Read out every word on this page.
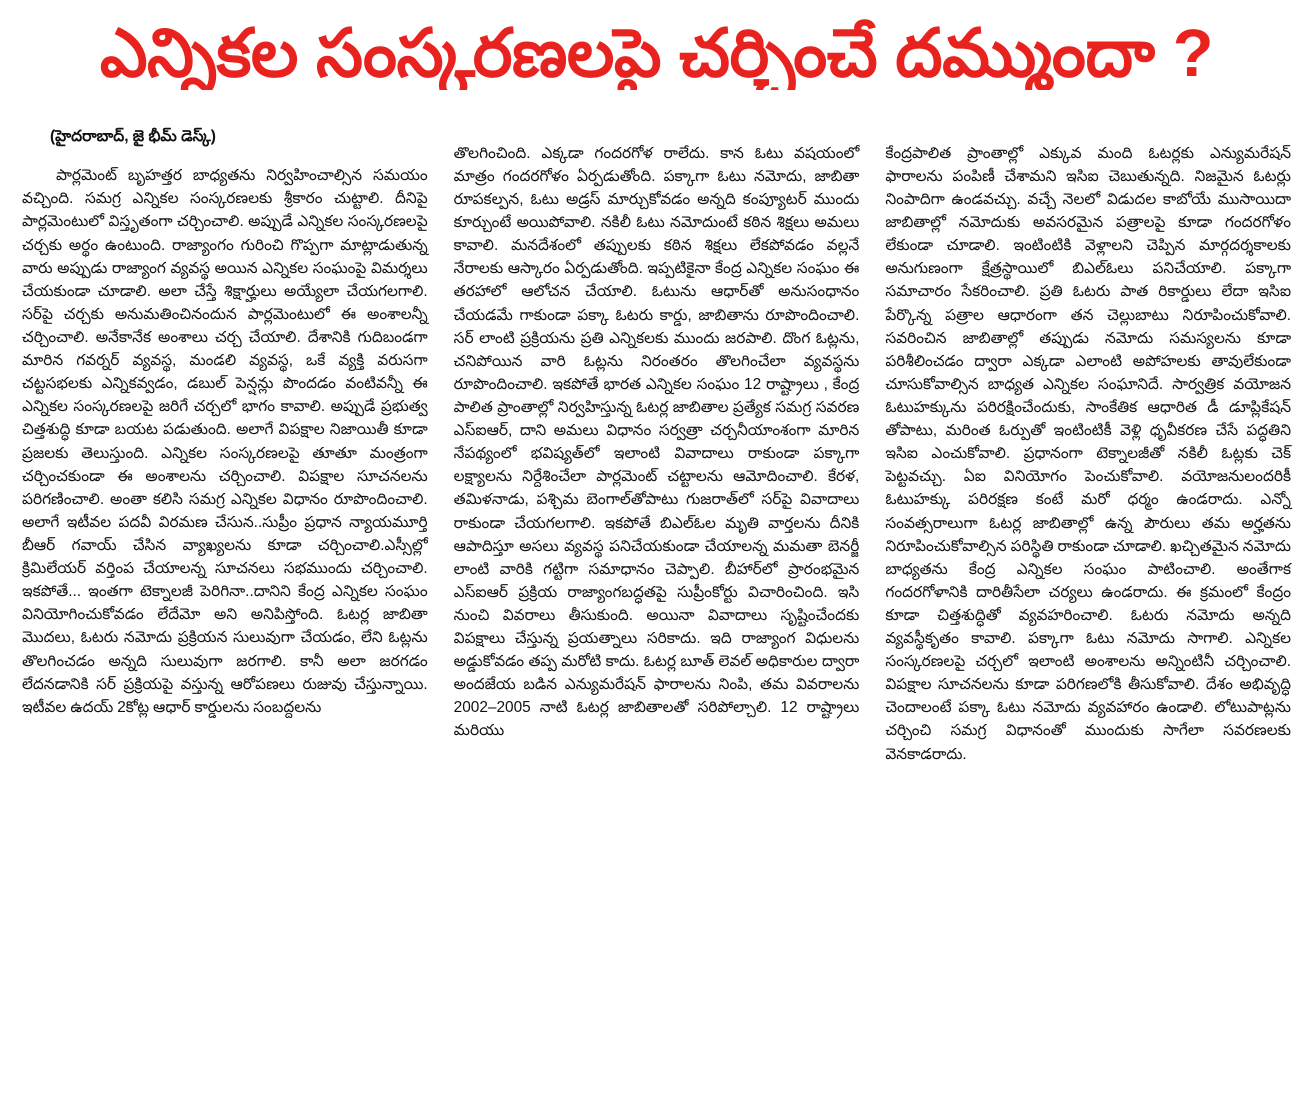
ఎన్నికల సంస్కరణలపై చర్చించే దమ్ముందా ?

(హైదరాబాద్, జై భీమ్ డెస్క్)

పార్లమెంట్ బృహత్తర బాధ్యతను నిర్వహించాల్సిన సమయం వచ్చింది. సమగ్ర ఎన్నికల సంస్కరణలకు శ్రీకారం చుట్టాలి. దీనిపై పార్లమెంటులో విస్తృతంగా చర్చించాలి. అప్పుడే ఎన్నికల సంస్కరణలపై చర్చకు అర్థం ఉంటుంది. రాజ్యాంగం గురించి గొప్పగా మాట్లాడుతున్న వారు అప్పుడు రాజ్యాంగ వ్యవస్థ అయిన ఎన్నికల సంఘంపై విమర్శలు చేయకుండా చూడాలి. అలా చేస్తే శిక్షార్హులు అయ్యేలా చేయగలగాలి. సర్‌పై చర్చకు అనుమతించినందున పార్లమెంటులో ఈ అంశాలన్నీ చర్చించాలి. అనేకానేక అంశాలు చర్చ చేయాలి. దేశానికి గుదిబండగా మారిన గవర్నర్ వ్యవస్థ, మండలి వ్యవస్థ, ఒకే వ్యక్తి వరుసగా చట్టసభలకు ఎన్నికవ్వడం, డబుల్ పెన్షన్లు పొందడం వంటివన్నీ ఈ ఎన్నికల సంస్కరణలపై జరిగే చర్చలో భాగం కావాలి. అప్పుడే ప్రభుత్వ చిత్తశుద్ధి కూడా బయట పడుతుంది. అలాగే విపక్షాల నిజాయితీ కూడా ప్రజలకు తెలుస్తుంది. ఎన్నికల సంస్కరణలపై తూతూ మంత్రంగా చర్చించకుండా ఈ అంశాలను చర్చించాలి. విపక్షాల సూచనలను పరిగణించాలి. అంతా కలిసి సమగ్ర ఎన్నికల విధానం రూపొందించాలి. అలాగే ఇటీవల పదవీ విరమణ చేసున..సుప్రీం ప్రధాన న్యాయమూర్తి బీఆర్ గవాయ్ చేసిన వ్యాఖ్యలను కూడా చర్చించాలి.ఎస్సీల్లో క్రిమిలేయర్ వర్తింప చేయాలన్న సూచనలు సభముందు చర్చించాలి. ఇకపోతే... ఇంతగా టెక్నాలజీ పెరిగినా..దానిని కేంద్ర ఎన్నికల సంఘం వినియోగించుకోవడం లేదేమో అని అనిపిస్తోంది. ఓటర్ల జాబితా మొదలు, ఓటరు నమోదు ప్రక్రియన సులువుగా చేయడం, లేని ఓట్లను తొలగించడం అన్నది సులువుగా జరగాలి. కానీ అలా జరగడం లేదనడానికి సర్ ప్రక్రియపై వస్తున్న ఆరోపణలు రుజువు చేస్తున్నాయి. ఇటీవల ఉదయ్ 2కోట్ల ఆధార్ కార్డులను సంబద్దలను

తొలగించింది. ఎక్కడా గందరగోళ రాలేదు. కాన ఓటు వషయంలో మాత్రం గందరగోళం ఏర్పడుతోంది. పక్కాగా ఓటు నమోదు, జాబితా రూపకల్పన, ఓటు అడ్రస్ మార్చుకోవడం అన్నది కంప్యూటర్ ముందు కూర్చుంటే అయిపోవాలి. నకిలీ ఓటు నమోదుంటే కఠిన శిక్షలు అమలు కావాలి. మనదేశంలో తప్పులకు కఠిన శిక్షలు లేకపోవడం వల్లనే నేరాలకు ఆస్కారం ఏర్పడుతోంది. ఇప్పటికైనా కేంద్ర ఎన్నికల సంఘం ఈ తరహాలో ఆలోచన చేయాలి. ఓటును ఆధార్‌తో అనుసంధానం చేయడమే గాకుండా పక్కా ఓటరు కార్డు, జాబితాను రూపొందించాలి. సర్ లాంటి ప్రక్రియను ప్రతి ఎన్నికలకు ముందు జరపాలి. దొంగ ఓట్లను, చనిపోయిన వారి ఓట్లను నిరంతరం తొలగించేలా వ్యవస్థను రూపొందించాలి. ఇకపోతే భారత ఎన్నికల సంఘం 12 రాష్ట్రాలు , కేంద్ర పాలిత ప్రాంతాల్లో నిర్వహిస్తున్న ఓటర్ల జాబితాల ప్రత్యేక సమగ్ర సవరణ ఎస్ఐఆర్, దాని అమలు విధానం సర్వత్రా చర్చనీయాంశంగా మారిన నేపథ్యంలో భవిష్యత్‌లో ఇలాంటి వివాదాలు రాకుండా పక్కాగా లక్ష్యాలను నిర్దేశించేలా పార్లమెంట్ చట్టాలను ఆమోదించాలి. కేరళ, తమిళనాడు, పశ్చిమ బెంగాల్‌తోపాటు గుజరాత్‌లో సర్‌పై వివాదాలు రాకుండా చేయగలగాలి. ఇకపోతే బిఎల్‌ఓల మృతి వార్తలను దీనికి ఆపాదిస్తూ అసలు వ్యవస్థ పనిచేయకుండా చేయాలన్న మమతా బెనర్జీ లాంటి వారికి గట్టిగా సమాధానం చెప్పాలి. బీహార్‌లో ప్రారంభమైన ఎస్ఐఆర్ ప్రక్రియ రాజ్యాంగబద్ధతపై సుప్రీంకోర్టు విచారించింది. ఇసి నుంచి వివరాలు తీసుకుంది. అయినా వివాదాలు సృష్టించేందకు విపక్షాలు చేస్తున్న ప్రయత్నాలు సరికాదు. ఇది రాజ్యాంగ విధులను అడ్డుకోవడం తప్ప మరోటి కాదు. ఓటర్ల బూత్ లెవల్ అధికారుల ద్వారా అందజేయ బడిన ఎన్యుమరేషన్ ఫారాలను నింపి, తమ వివరాలను 2002–2005 నాటి ఓటర్ల జాబితాలతో సరిపోల్చాలి. 12 రాష్ట్రాలు మరియు

కేంద్రపాలిత ప్రాంతాల్లో ఎక్కువ మంది ఓటర్లకు ఎన్యుమరేషన్ ఫారాలను పంపిణీ చేశామని ఇసిఐ చెబుతున్నది. నిజమైన ఓటర్లు నింపాదిగా ఉండవచ్చు. వచ్చే నెలలో విడుదల కాబోయే ముసాయిదా జాబితాల్లో నమోదుకు అవసరమైన పత్రాలపై కూడా గందరగోళం లేకుండా చూడాలి. ఇంటింటికి వెళ్లాలని చెప్పిన మార్గదర్శకాలకు అనుగుణంగా క్షేత్రస్థాయిలో బిఎల్‌ఓలు పనిచేయాలి. పక్కాగా సమాచారం సేకరించాలి. ప్రతి ఓటరు పాత రికార్డులు లేదా ఇసిఐ పేర్కొన్న పత్రాల ఆధారంగా తన చెల్లుబాటు నిరూపించుకోవాలి. సవరించిన జాబితాల్లో తప్పుడు నమోదు సమస్యలను కూడా పరిశీలించడం ద్వారా ఎక్కడా ఎలాంటి అపోహలకు తావులేకుండా చూసుకోవాల్సిన బాధ్యత ఎన్నికల సంఘానిదే. సార్వత్రిక వయోజన ఓటుహక్కును పరిరక్షించేందుకు, సాంకేతిక ఆధారిత డీ డూప్లికేషన్ తోపాటు, మరింత ఓర్పుతో ఇంటింటికీ వెళ్లి ధృవీకరణ చేసే పద్ధతిని ఇసిఐ ఎంచుకోవాలి. ప్రధానంగా టెక్నాలజీతో నకిలీ ఓట్లకు చెక్ పెట్టవచ్చు. ఏఐ వినియోగం పెంచుకోవాలి. వయోజనులందరికీ ఓటుహక్కు పరిరక్షణ కంటే మరో ధర్మం ఉండరాదు. ఎన్నో సంవత్సరాలుగా ఓటర్ల జాబితాల్లో ఉన్న పౌరులు తమ అర్హతను నిరూపించుకోవాల్సిన పరిస్థితి రాకుండా చూడాలి. ఖచ్చితమైన నమోదు బాధ్యతను కేంద్ర ఎన్నికల సంఘం పాటించాలి. అంతేగాక గందరగోళానికి దారితీసేలా చర్యలు ఉండరాదు. ఈ క్రమంలో కేంద్రం కూడా చిత్తశుద్ధితో వ్యవహరించాలి. ఓటరు నమోదు అన్నది వ్యవస్థీకృతం కావాలి. పక్కాగా ఓటు నమోదు సాగాలి. ఎన్నికల సంస్కరణలపై చర్చలో ఇలాంటి అంశాలను అన్నింటినీ చర్చించాలి. విపక్షాల సూచనలను కూడా పరిగణలోకి తీసుకోవాలి. దేశం అభివృద్ధి చెందాలంటే పక్కా ఓటు నమోదు వ్యవహారం ఉండాలి. లోటుపాట్లను చర్చించి సమగ్ర విధానంతో ముందుకు సాగేలా సవరణలకు వెనకాడరాదు.
